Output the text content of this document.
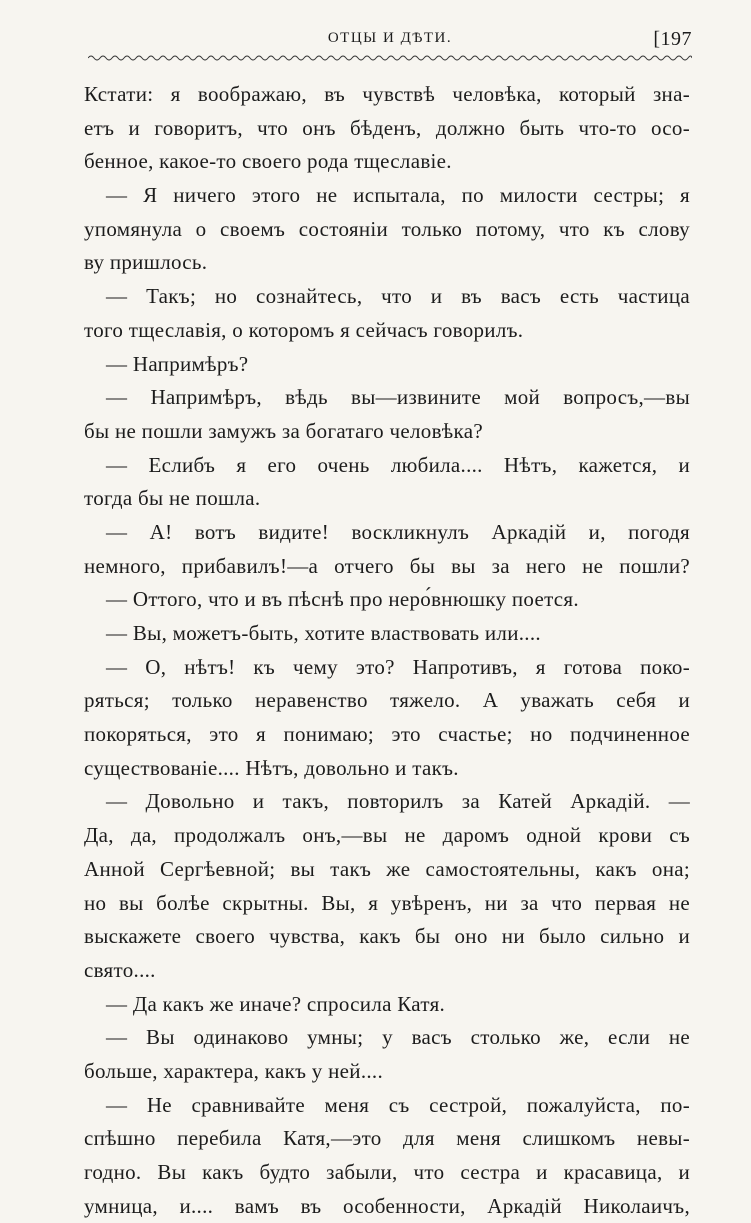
ОТЦЫ И ДѢТИ.	[197
Кстати: я воображаю, въ чувствѣ человѣка, который зна-
етъ и говоритъ, что онъ бѣденъ, должно быть что-то осо-
бенное, какое-то своего рода тщеславіе.
— Я ничего этого не испытала, по милости сестры; я
упомянула о своемъ состояніи только потому, что къ слову
ву пришлось.
— Такъ; но сознайтесь, что и въ васъ есть частица
того тщеславія, о которомъ я сейчасъ говорилъ.
— Напримѣръ?
— Напримѣръ, вѣдь вы—извините мой вопросъ,—вы
бы не пошли замужъ за богатаго человѣка?
— Еслибъ я его очень любила.... Нѣтъ, кажется, и
тогда бы не пошла.
— А! вотъ видите! воскликнулъ Аркадій и, погодя
немного, прибавилъ!—а отчего бы вы за него не пошли?
— Оттого, что и въ пѣснѣ про неро́внюшку поется.
— Вы, можетъ-быть, хотите властвовать или....
— О, нѣтъ! къ чему это? Напротивъ, я готова поко-
ряться; только неравенство тяжело. А уважать себя и
покоряться, это я понимаю; это счастье; но подчиненное
существованіе.... Нѣтъ, довольно и такъ.
— Довольно и такъ, повторилъ за Катей Аркадій. —
Да, да, продолжалъ онъ,—вы не даромъ одной крови съ
Анной Сергѣевной; вы такъ же самостоятельны, какъ она;
но вы болѣе скрытны. Вы, я увѣренъ, ни за что первая не
выскажете своего чувства, какъ бы оно ни было сильно и
свято....
— Да какъ же иначе? спросила Катя.
— Вы одинаково умны; у васъ столько же, если не
больше, характера, какъ у ней....
— Не сравнивайте меня съ сестрой, пожалуйста, по-
спѣшно перебила Катя,—это для меня слишкомъ невы-
годно. Вы какъ будто забыли, что сестра и красавица, и
умница, и.... вамъ въ особенности, Аркадій Николаичъ,
